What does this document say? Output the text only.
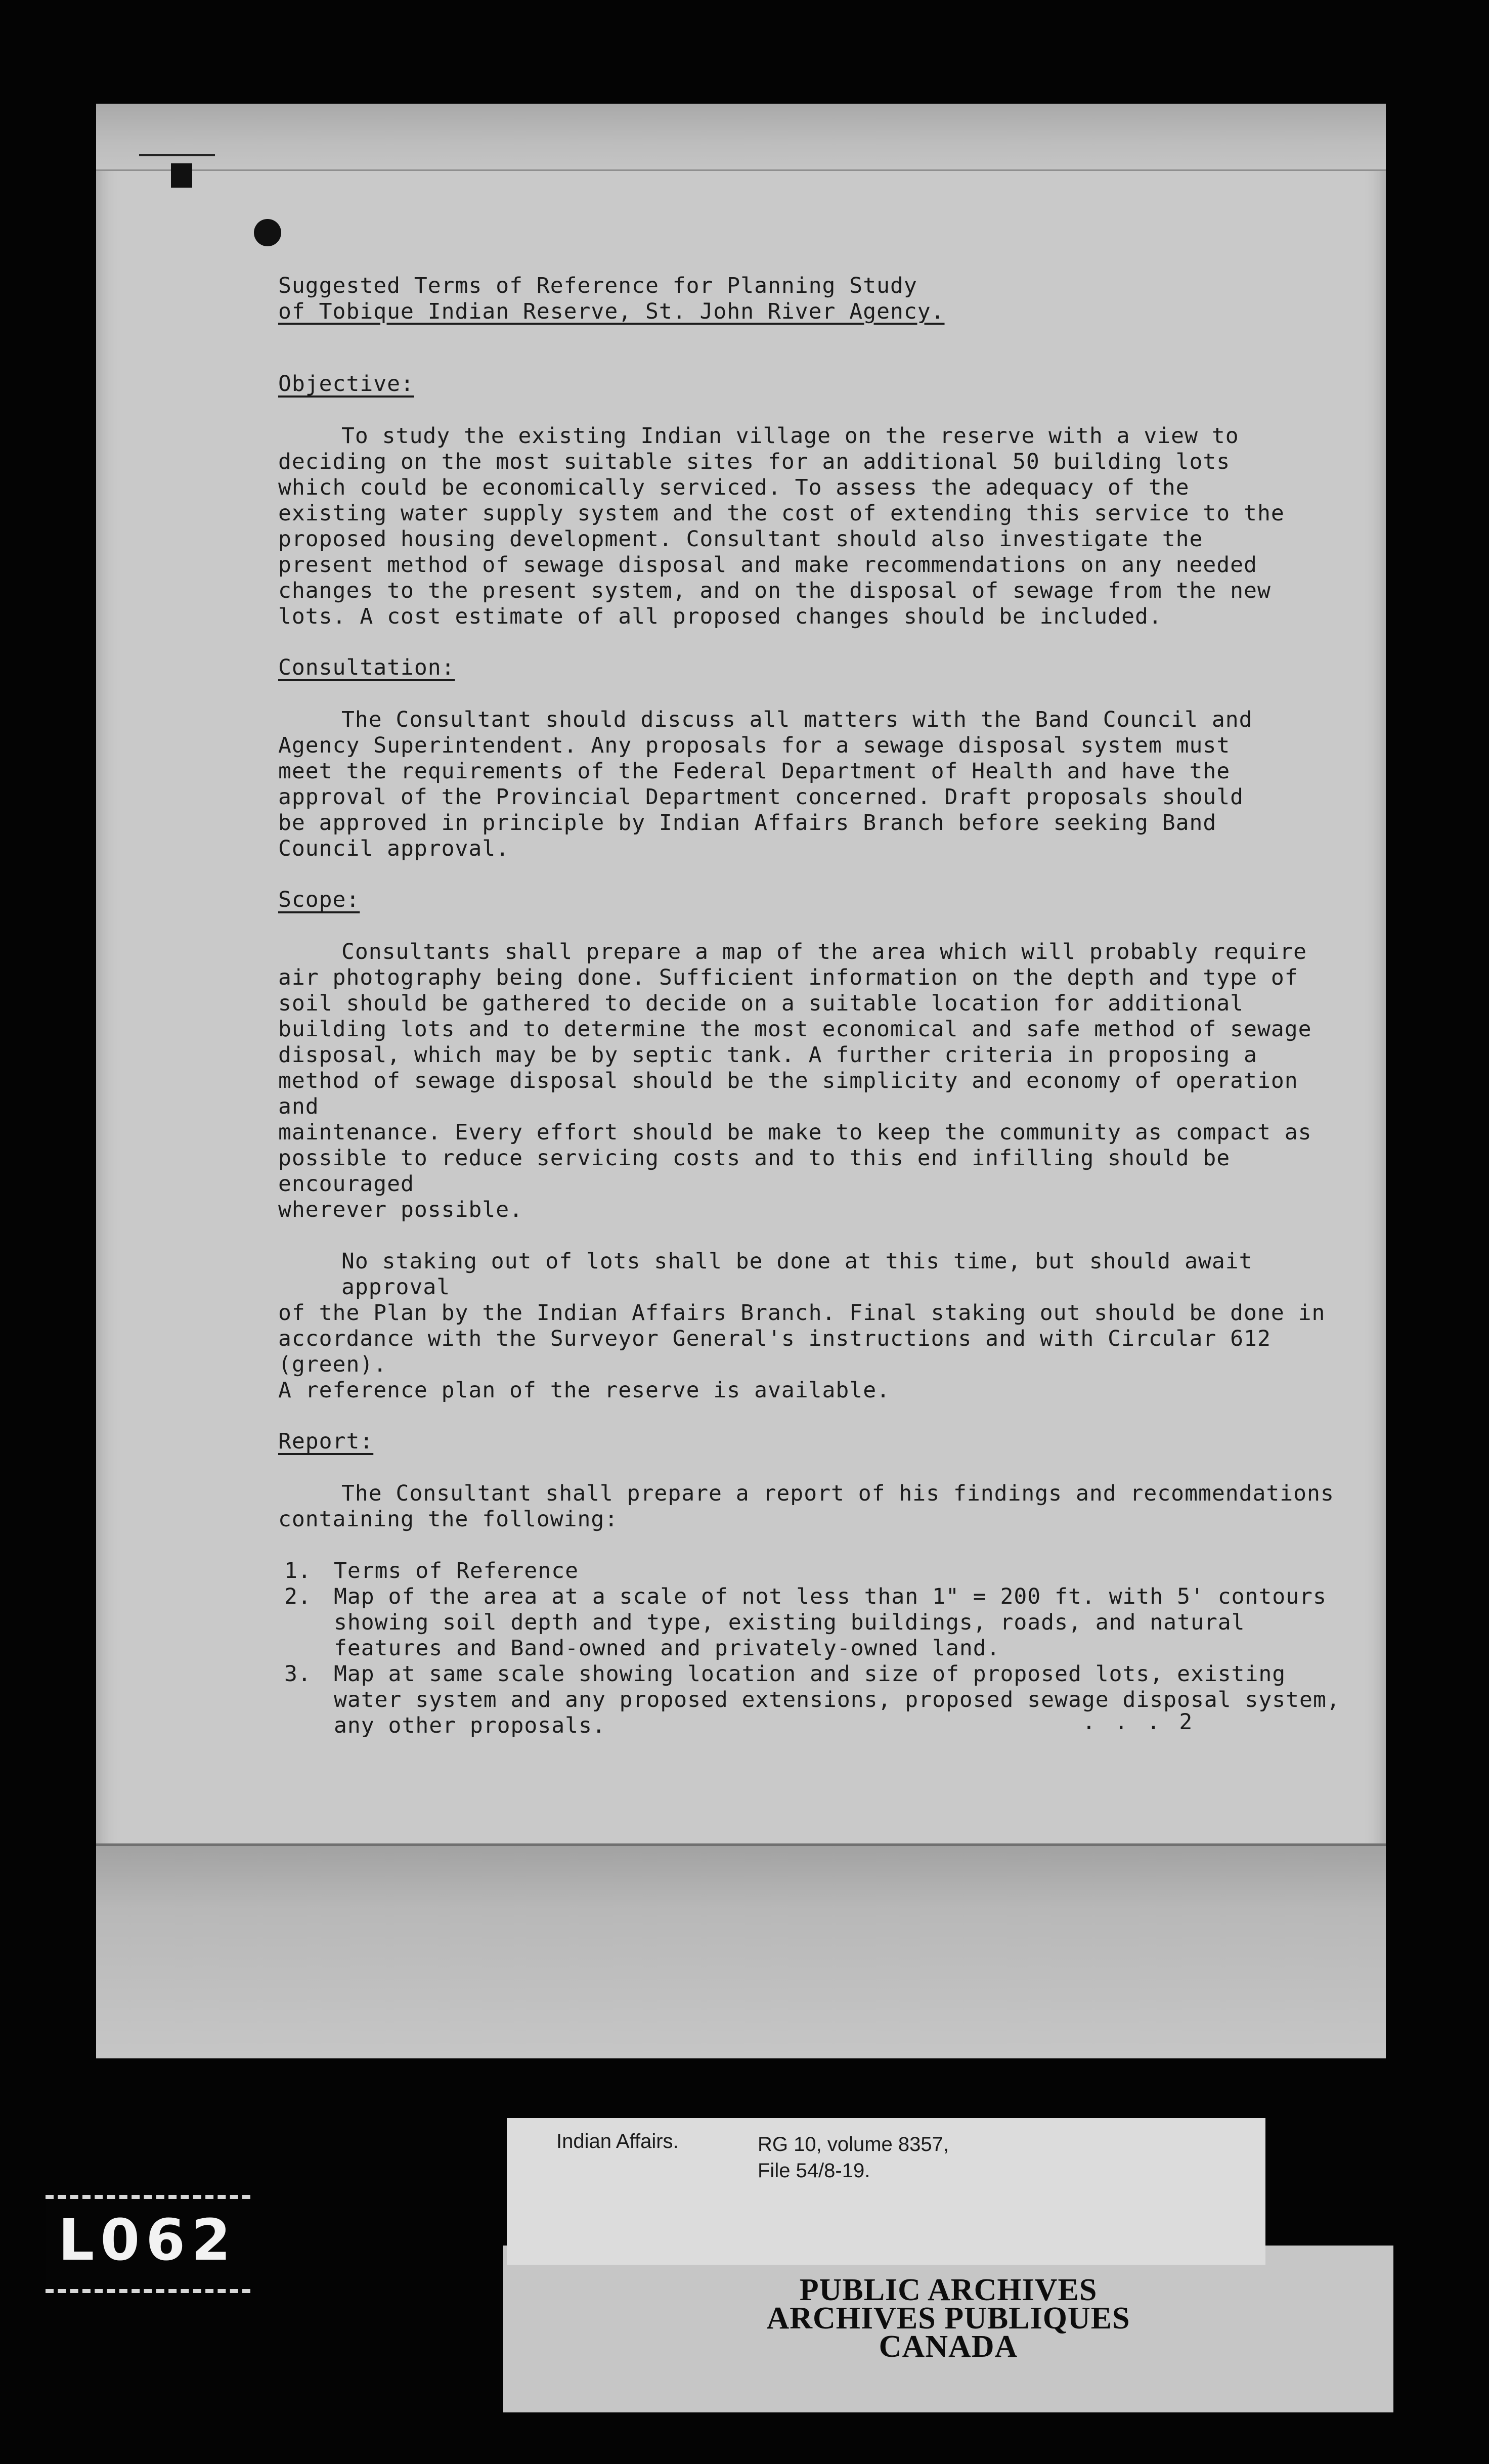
Suggested Terms of Reference for Planning Study

of Tobique Indian Reserve, St. John River Agency.

Objective:

To study the existing Indian village on the reserve with a view to

deciding on the most suitable sites for an additional 50 building lots

which could be economically serviced. To assess the adequacy of the

existing water supply system and the cost of extending this service to the

proposed housing development. Consultant should also investigate the

present method of sewage disposal and make recommendations on any needed

changes to the present system, and on the disposal of sewage from the new

lots. A cost estimate of all proposed changes should be included.

Consultation:

The Consultant should discuss all matters with the Band Council and

Agency Superintendent. Any proposals for a sewage disposal system must

meet the requirements of the Federal Department of Health and have the

approval of the Provincial Department concerned. Draft proposals should

be approved in principle by Indian Affairs Branch before seeking Band

Council approval.

Scope:

Consultants shall prepare a map of the area which will probably require

air photography being done. Sufficient information on the depth and type of

soil should be gathered to decide on a suitable location for additional

building lots and to determine the most economical and safe method of sewage

disposal, which may be by septic tank. A further criteria in proposing a

method of sewage disposal should be the simplicity and economy of operation and

maintenance. Every effort should be make to keep the community as compact as

possible to reduce servicing costs and to this end infilling should be encouraged

wherever possible.

No staking out of lots shall be done at this time, but should await approval

of the Plan by the Indian Affairs Branch. Final staking out should be done in

accordance with the Surveyor General's instructions and with Circular 612 (green).

A reference plan of the reserve is available.

Report:

The Consultant shall prepare a report of his findings and recommendations

containing the following:

1. Terms of Reference

2. Map of the area at a scale of not less than 1" = 200 ft. with 5' contours

showing soil depth and type, existing buildings, roads, and natural

features and Band-owned and privately-owned land.

3. Map at same scale showing location and size of proposed lots, existing

water system and any proposed extensions, proposed sewage disposal system,

any other proposals.	. . . 2
PUBLIC ARCHIVES
ARCHIVES PUBLIQUES
CANADA
Indian Affairs.	RG 10, volume 8357,
File 54/8-19.
L062
